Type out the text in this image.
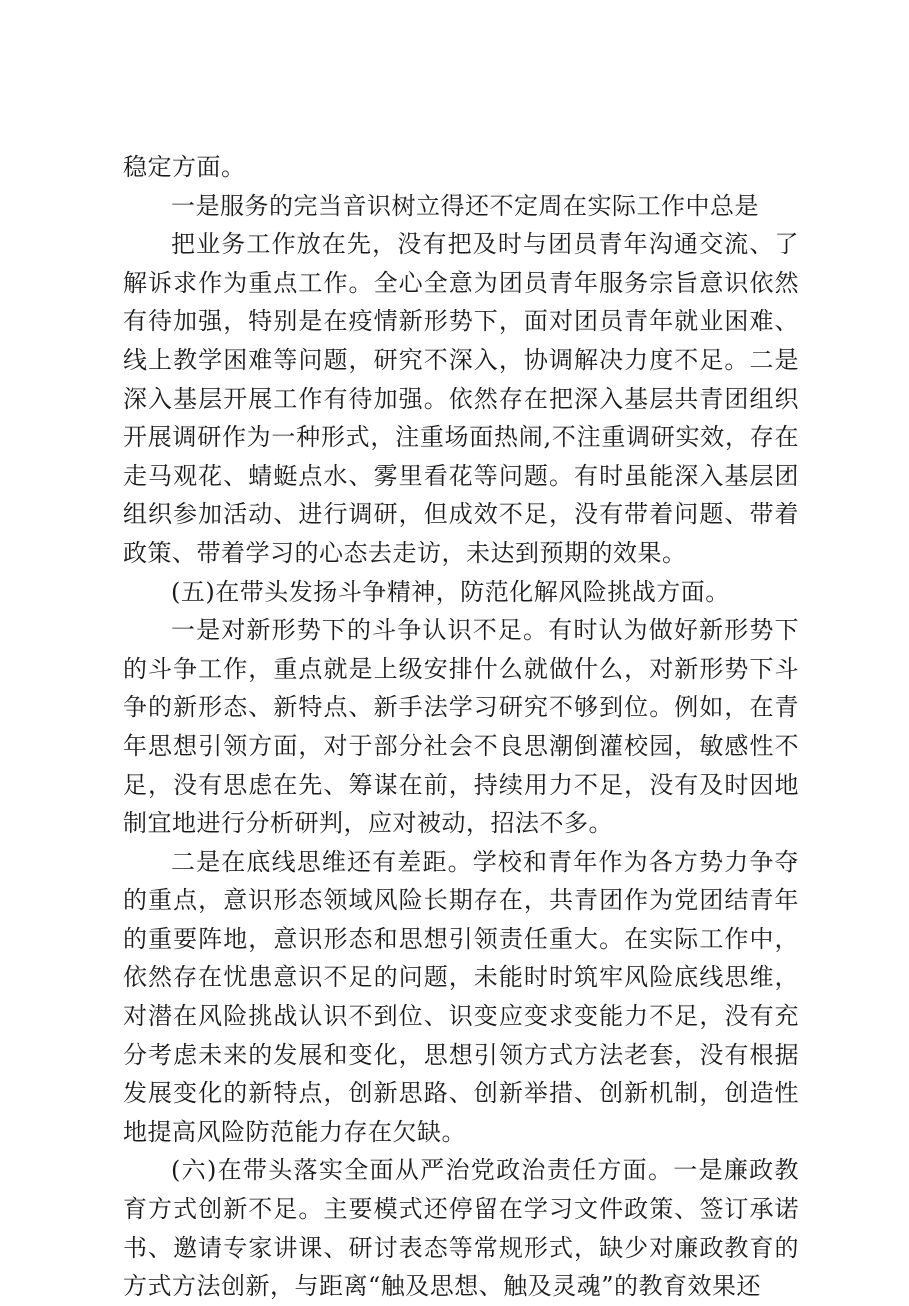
稳定方面。

一是服务的完当音识树立得还不定周在实际工作中总是

把业务工作放在先，没有把及时与团员青年沟通交流、了解诉求作为重点工作。全心全意为团员青年服务宗旨意识依然有待加强，特别是在疫情新形势下，面对团员青年就业困难、线上教学困难等问题，研究不深入，协调解决力度不足。二是深入基层开展工作有待加强。依然存在把深入基层共青团组织开展调研作为一种形式，注重场面热闹,不注重调研实效，存在走马观花、蜻蜓点水、雾里看花等问题。有时虽能深入基层团组织参加活动、进行调研，但成效不足，没有带着问题、带着政策、带着学习的心态去走访，未达到预期的效果。

(五)在带头发扬斗争精神，防范化解风险挑战方面。

一是对新形势下的斗争认识不足。有时认为做好新形势下的斗争工作，重点就是上级安排什么就做什么，对新形势下斗争的新形态、新特点、新手法学习研究不够到位。例如，在青年思想引领方面，对于部分社会不良思潮倒灌校园，敏感性不足，没有思虑在先、筹谋在前，持续用力不足，没有及时因地制宜地进行分析研判，应对被动，招法不多。

二是在底线思维还有差距。学校和青年作为各方势力争夺的重点，意识形态领域风险长期存在，共青团作为党团结青年的重要阵地，意识形态和思想引领责任重大。在实际工作中，依然存在忧患意识不足的问题，未能时时筑牢风险底线思维，对潜在风险挑战认识不到位、识变应变求变能力不足，没有充分考虑未来的发展和变化，思想引领方式方法老套，没有根据发展变化的新特点，创新思路、创新举措、创新机制，创造性地提高风险防范能力存在欠缺。

(六)在带头落实全面从严治党政治责任方面。一是廉政教育方式创新不足。主要模式还停留在学习文件政策、签订承诺书、邀请专家讲课、研讨表态等常规形式，缺少对廉政教育的方式方法创新，与距离“触及思想、触及灵魂”的教育效果还
